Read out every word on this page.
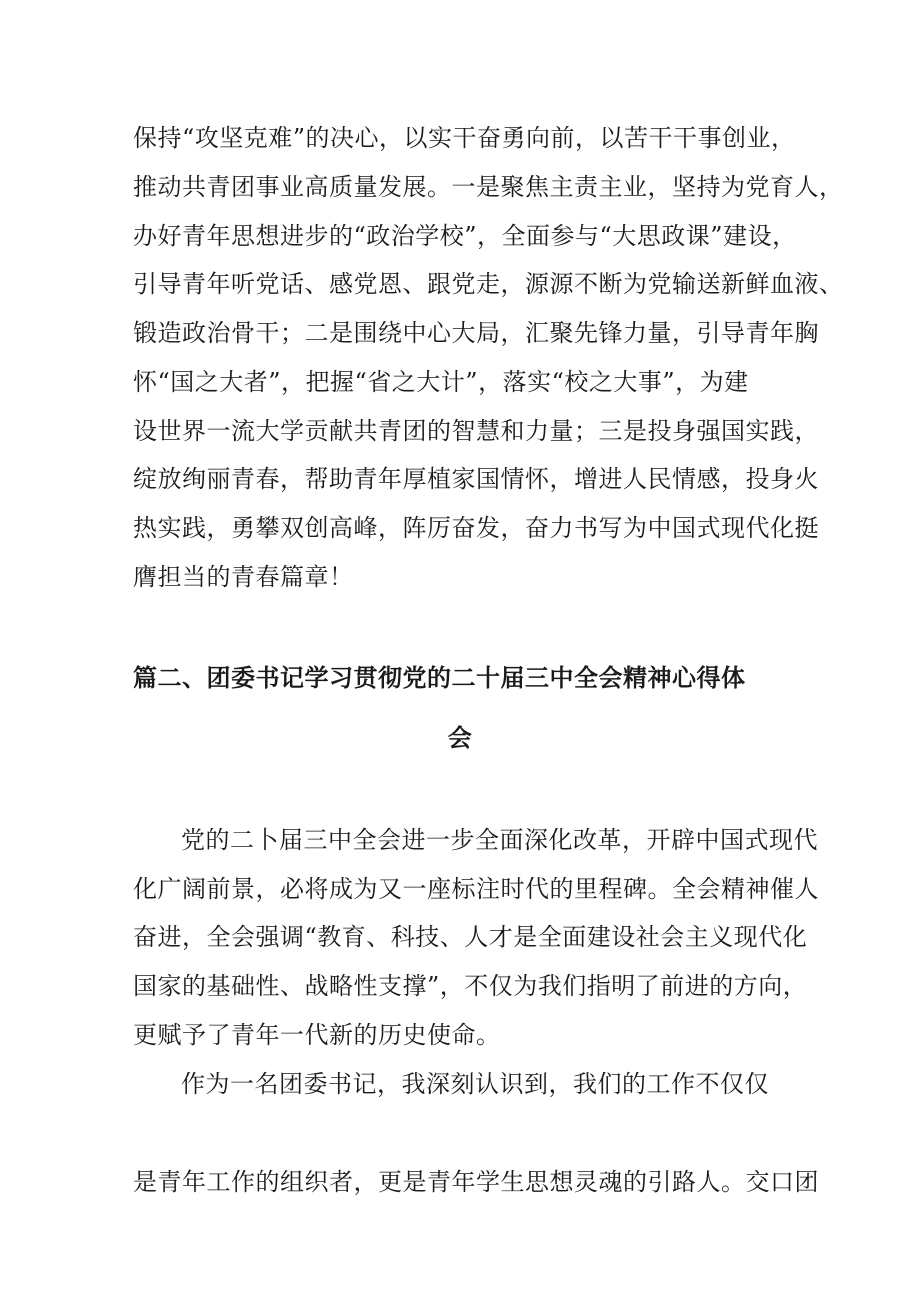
保持“攻坚克难”的决心，以实干奋勇向前，以苦干干事创业，
推动共青团事业高质量发展。一是聚焦主责主业，坚持为党育人，
办好青年思想进步的“政治学校”，全面参与“大思政课”建设，
引导青年听党话、感党恩、跟党走，源源不断为党输送新鲜血液、
锻造政治骨干；二是围绕中心大局，汇聚先锋力量，引导青年胸
怀“国之大者”，把握“省之大计”，落实“校之大事”，为建
设世界一流大学贡献共青团的智慧和力量；三是投身强国实践，
绽放绚丽青春，帮助青年厚植家国情怀，增进人民情感，投身火
热实践，勇攀双创高峰，阵厉奋发，奋力书写为中国式现代化挺
膺担当的青春篇章！
篇二、团委书记学习贯彻党的二十届三中全会精神心得体
会
党的二卜届三中全会进一步全面深化改革，开辟中国式现代
化广阔前景，必将成为又一座标注时代的里程碑。全会精神催人
奋进，全会强调“教育、科技、人才是全面建设社会主义现代化
国家的基础性、战略性支撑”，不仅为我们指明了前进的方向，
更赋予了青年一代新的历史使命。
作为一名团委书记，我深刻认识到，我们的工作不仅仅
是青年工作的组织者，更是青年学生思想灵魂的引路人。交口团
